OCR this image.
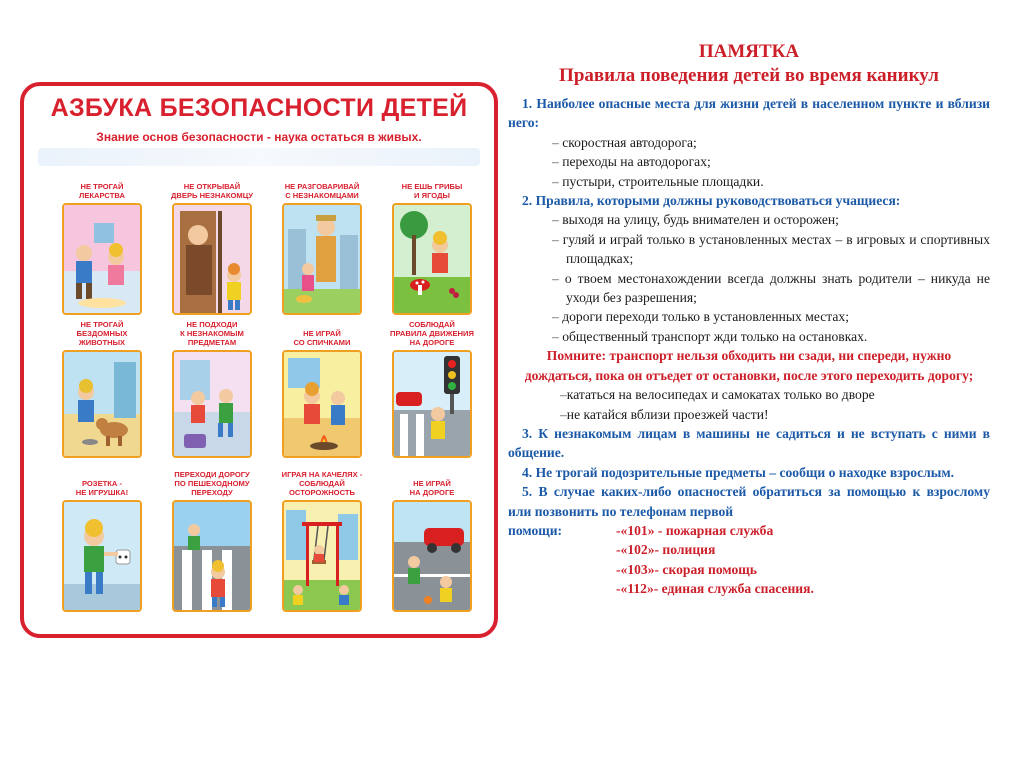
АЗБУКА БЕЗОПАСНОСТИ ДЕТЕЙ
Знание основ безопасности - наука остаться в живых.
НЕ ТРОГАЙ
ЛЕКАРСТВА
НЕ ОТКРЫВАЙ
ДВЕРЬ НЕЗНАКОМЦУ
НЕ РАЗГОВАРИВАЙ
С НЕЗНАКОМЦАМИ
НЕ ЕШЬ ГРИБЫ
И ЯГОДЫ
НЕ ТРОГАЙ
БЕЗДОМНЫХ
ЖИВОТНЫХ
НЕ ПОДХОДИ
К НЕЗНАКОМЫМ
ПРЕДМЕТАМ
НЕ ИГРАЙ
СО СПИЧКАМИ
СОБЛЮДАЙ
ПРАВИЛА ДВИЖЕНИЯ
НА ДОРОГЕ
РОЗЕТКА -
НЕ ИГРУШКА!
ПЕРЕХОДИ ДОРОГУ
ПО ПЕШЕХОДНОМУ
ПЕРЕХОДУ
ИГРАЯ НА КАЧЕЛЯХ -
СОБЛЮДАЙ
ОСТОРОЖНОСТЬ
НЕ ИГРАЙ
НА ДОРОГЕ
ПАМЯТКА
Правила поведения детей во время каникул

1. Наиболее опасные места для жизни детей в населенном пункте и вблизи него:

– скоростная автодорога;

– переходы на автодорогах;

– пустыри, строительные площадки.

2. Правила, которыми должны руководствоваться учащиеся:

– выходя на улицу, будь внимателен и осторожен;

– гуляй и играй только в установленных местах – в игровых и спортивных площадках;

– о твоем местонахождении всегда должны знать родители – никуда не уходи без разрешения;

– дороги переходи только в установленных местах;

– общественный транспорт жди только на остановках.

Помните: транспорт нельзя обходить ни сзади, ни спереди, нужно дождаться, пока он отъедет от остановки, после этого переходить дорогу;

–кататься на велосипедах и самокатах только во дворе

–не катайся вблизи проезжей части!

3. К незнакомым лицам в машины не садиться и не вступать с ними в общение.

4. Не трогай подозрительные предметы – сообщи о находке взрослым.

5. В случае каких-либо опасностей обратиться за помощью к взрослому или позвонить по телефонам первой

помощи:	-«101» - пожарная служба
-«102»- полиция
-«103»- скорая помощь
-«112»- единая служба спасения.
